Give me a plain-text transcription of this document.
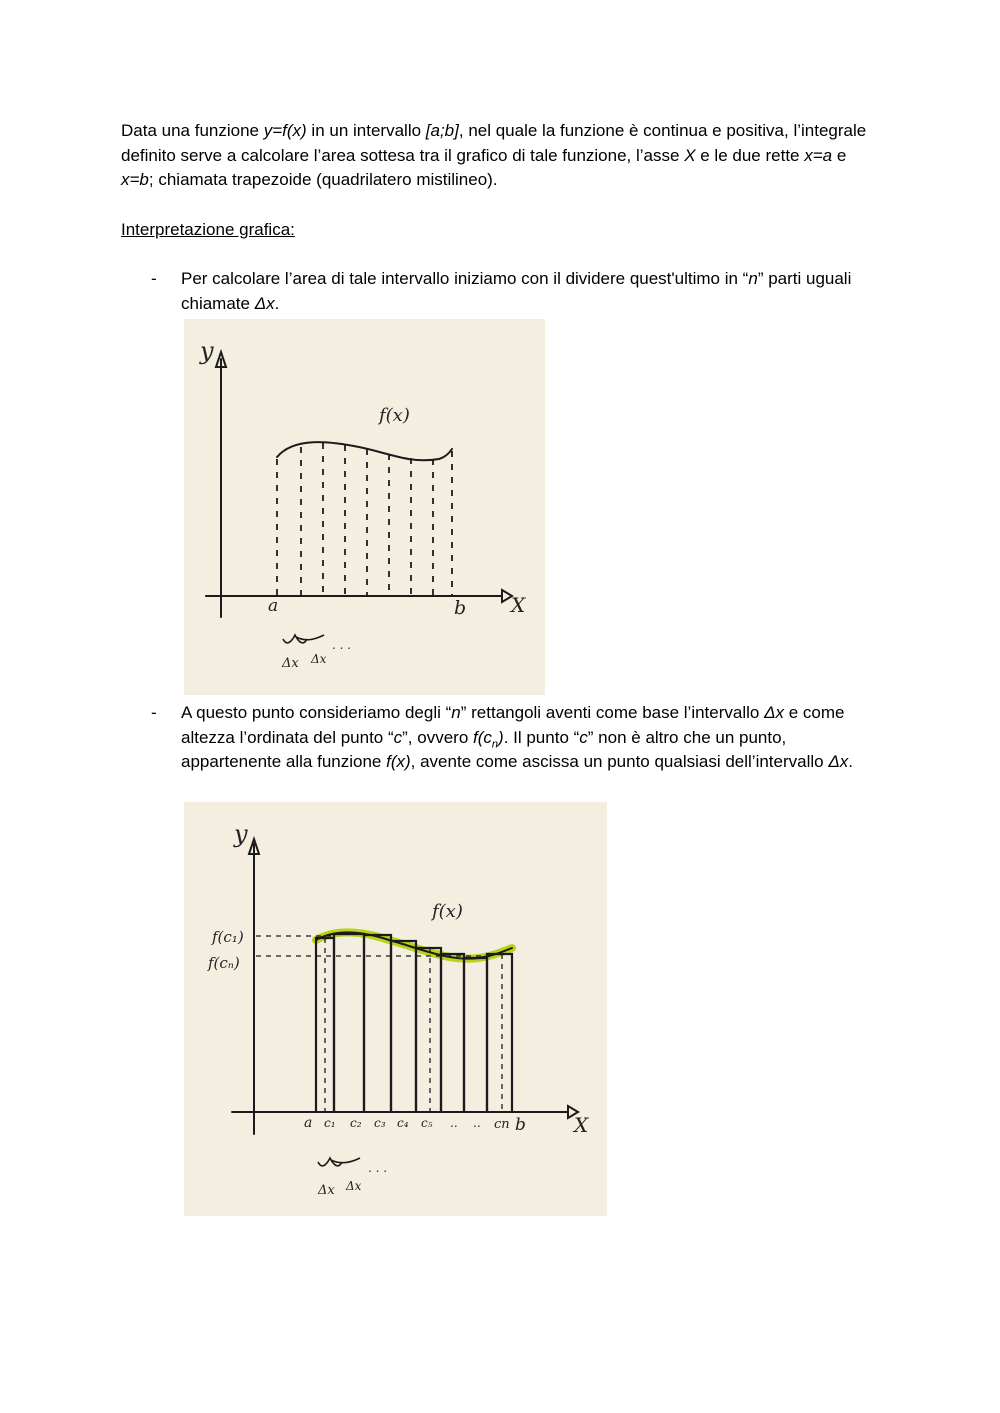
Data una funzione y=f(x) in un intervallo [a;b], nel quale la funzione è continua e positiva, l’integrale definito serve a calcolare l’area sottesa tra il grafico di tale funzione, l’asse X e le due rette x=a e x=b; chiamata trapezoide (quadrilatero mistilineo).

Interpretazione grafica:

- Per calcolare l’area di tale intervallo iniziamo con il dividere quest'ultimo in “n” parti uguali chiamate Δx.

y
X
f(x)
a	b
Δx Δx
. . .

- A questo punto consideriamo degli “n” rettangoli aventi come base l’intervallo Δx e come altezza l’ordinata del punto “c”, ovvero $f(c_n)$. Il punto “c” non è altro che un punto, appartenente alla funzione f(x), avente come ascissa un punto qualsiasi dell’intervallo Δx.

y
X
f(x)
f(c₁)
f(cₙ)
a c₁ c₂ c₃ c₄ c₅ .. .. cn b
Δx Δx
. . .
